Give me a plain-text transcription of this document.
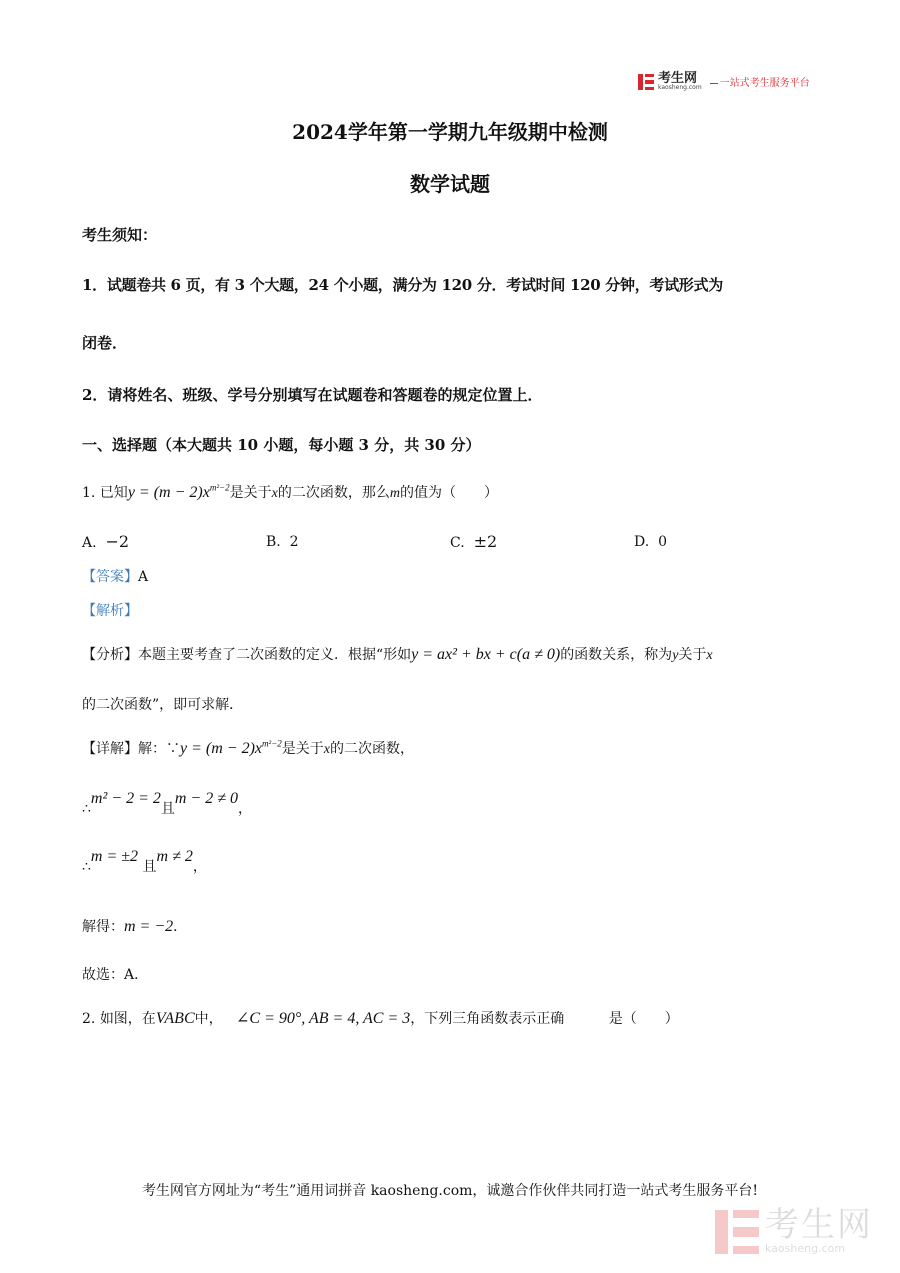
考生网
kaosheng.com	一站式考生服务平台
2024学年第一学期九年级期中检测
数学试题
考生须知：
1．试题卷共 6 页，有 3 个大题，24 个小题，满分为 120 分．考试时间 120 分钟，考试形式为
闭卷．
2．请将姓名、班级、学号分别填写在试题卷和答题卷的规定位置上．
一、选择题（本大题共 10 小题，每小题 3 分，共 30 分）
1. 已知$y = (m - 2)x^{m^2-2}$是关于x的二次函数，那么m的值为（　　）
A. −2	B. 2	C. ±2	D. 0
【答案】A
【解析】
【分析】本题主要考查了二次函数的定义．根据“形如y = ax² + bx + c(a ≠ 0)的函数关系，称为y关于x
的二次函数”，即可求解．
【详解】解：∵y = $(m - 2)x^{m^2-2}$是关于x的二次函数，
∴m² − 2 = 2且m − 2 ≠ 0，
∴m = ±2 且m ≠ 2，
解得：m = −2．
故选：A．
2. 如图，在VABC中， ∠C = 90°, AB = 4, AC = 3，下列三角函数表示正确	是（　　）
考生网官方网址为“考生”通用词拼音 kaosheng.com，诚邀合作伙伴共同打造一站式考生服务平台!
考生网
kaosheng.com
